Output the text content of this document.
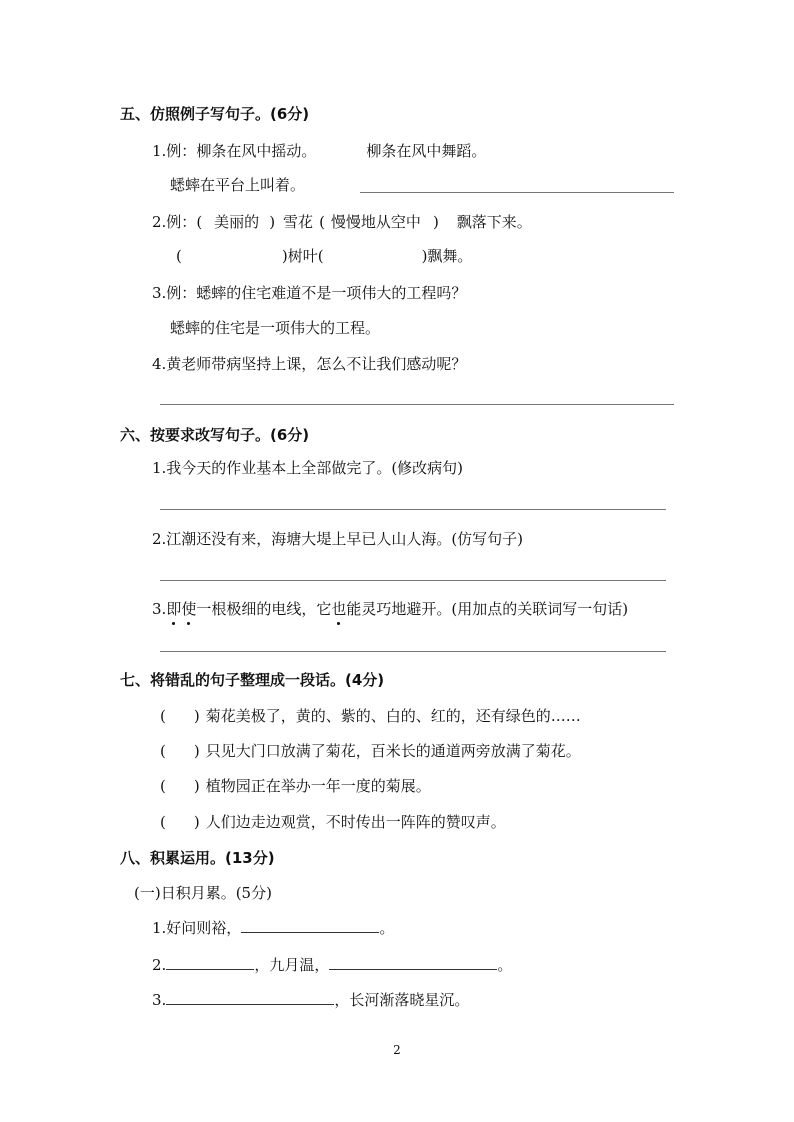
五、仿照例子写句子。(6分)
1.例：柳条在风中摇动。	柳条在风中舞蹈。
蟋蟀在平台上叫着。
2.例：( 美丽的 ) 雪花 ( 慢慢地从空中 ) 飘落下来。
(	)树叶(	)飘舞。
3.例：蟋蟀的住宅难道不是一项伟大的工程吗？
蟋蟀的住宅是一项伟大的工程。
4.黄老师带病坚持上课，怎么不让我们感动呢？
六、按要求改写句子。(6分)
1.我今天的作业基本上全部做完了。(修改病句)
2.江潮还没有来，海塘大堤上早已人山人海。(仿写句子)
3.即使一根极细的电线，它也能灵巧地避开。(用加点的关联词写一句话)
七、将错乱的句子整理成一段话。(4分)
( ) 菊花美极了，黄的、紫的、白的、红的，还有绿色的……
( ) 只见大门口放满了菊花，百米长的通道两旁放满了菊花。
( ) 植物园正在举办一年一度的菊展。
( ) 人们边走边观赏，不时传出一阵阵的赞叹声。
八、积累运用。(13分)
(一)日积月累。(5分)
1.好问则裕，	。
2.	，九月温，	。
3.	，长河渐落晓星沉。
2
